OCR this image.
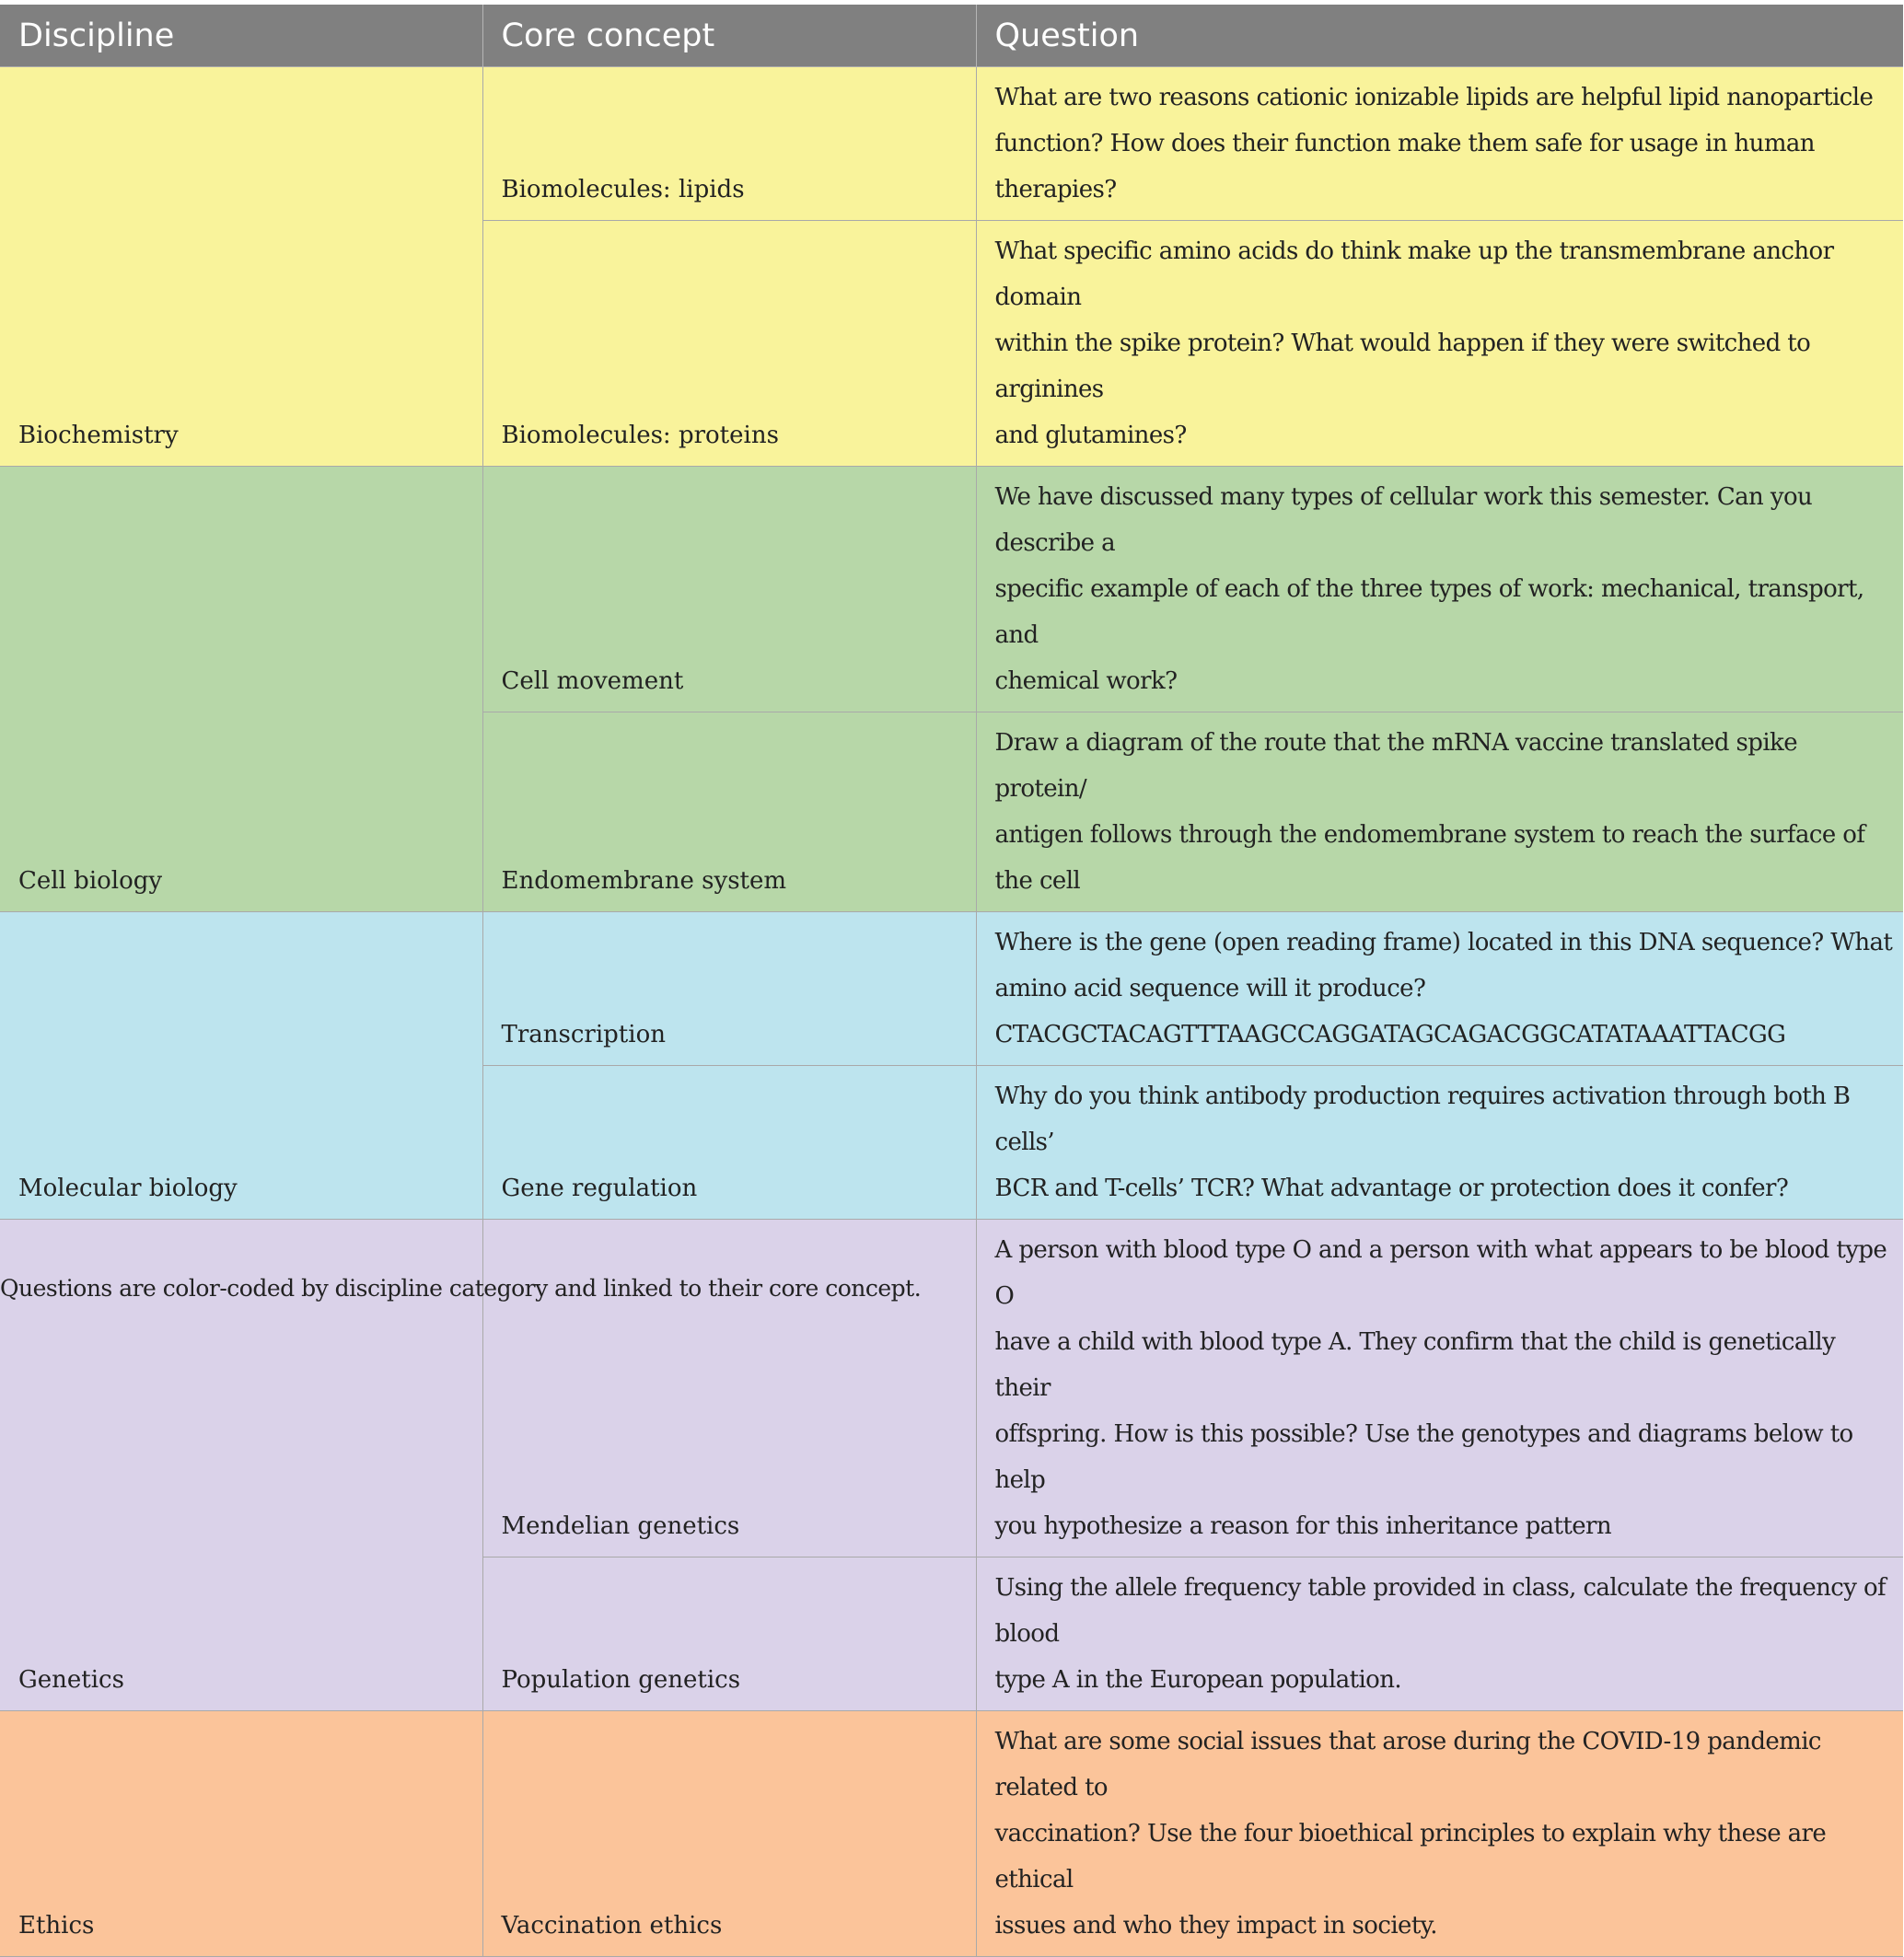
Discipline	Core concept	Question
Biochemistry	Biomolecules: lipids	What are two reasons cationic ionizable lipids are helpful lipid nanoparticle
function? How does their function make them safe for usage in human therapies?

	Biomolecules: proteins	What specific amino acids do think make up the transmembrane anchor domain
within the spike protein? What would happen if they were switched to arginines
and glutamines?

Cell biology	Cell movement	We have discussed many types of cellular work this semester. Can you describe a
specific example of each of the three types of work: mechanical, transport, and
chemical work?

	Endomembrane system	Draw a diagram of the route that the mRNA vaccine translated spike protein/
antigen follows through the endomembrane system to reach the surface of the cell

Molecular biology	Transcription	Where is the gene (open reading frame) located in this DNA sequence? What
amino acid sequence will it produce?
CTACGCTACAGTTTAAGCCAGGATAGCAGACGGCATATAAATTACGG

	Gene regulation	Why do you think antibody production requires activation through both B cells’
BCR and T-cells’ TCR? What advantage or protection does it confer?

Genetics	Mendelian genetics	A person with blood type O and a person with what appears to be blood type O
have a child with blood type A. They confirm that the child is genetically their
offspring. How is this possible? Use the genotypes and diagrams below to help
you hypothesize a reason for this inheritance pattern

	Population genetics	Using the allele frequency table provided in class, calculate the frequency of blood
type A in the European population.

Ethics	Vaccination ethics	What are some social issues that arose during the COVID-19 pandemic related to
vaccination? Use the four bioethical principles to explain why these are ethical
issues and who they impact in society.
Questions are color-coded by discipline category and linked to their core concept.
